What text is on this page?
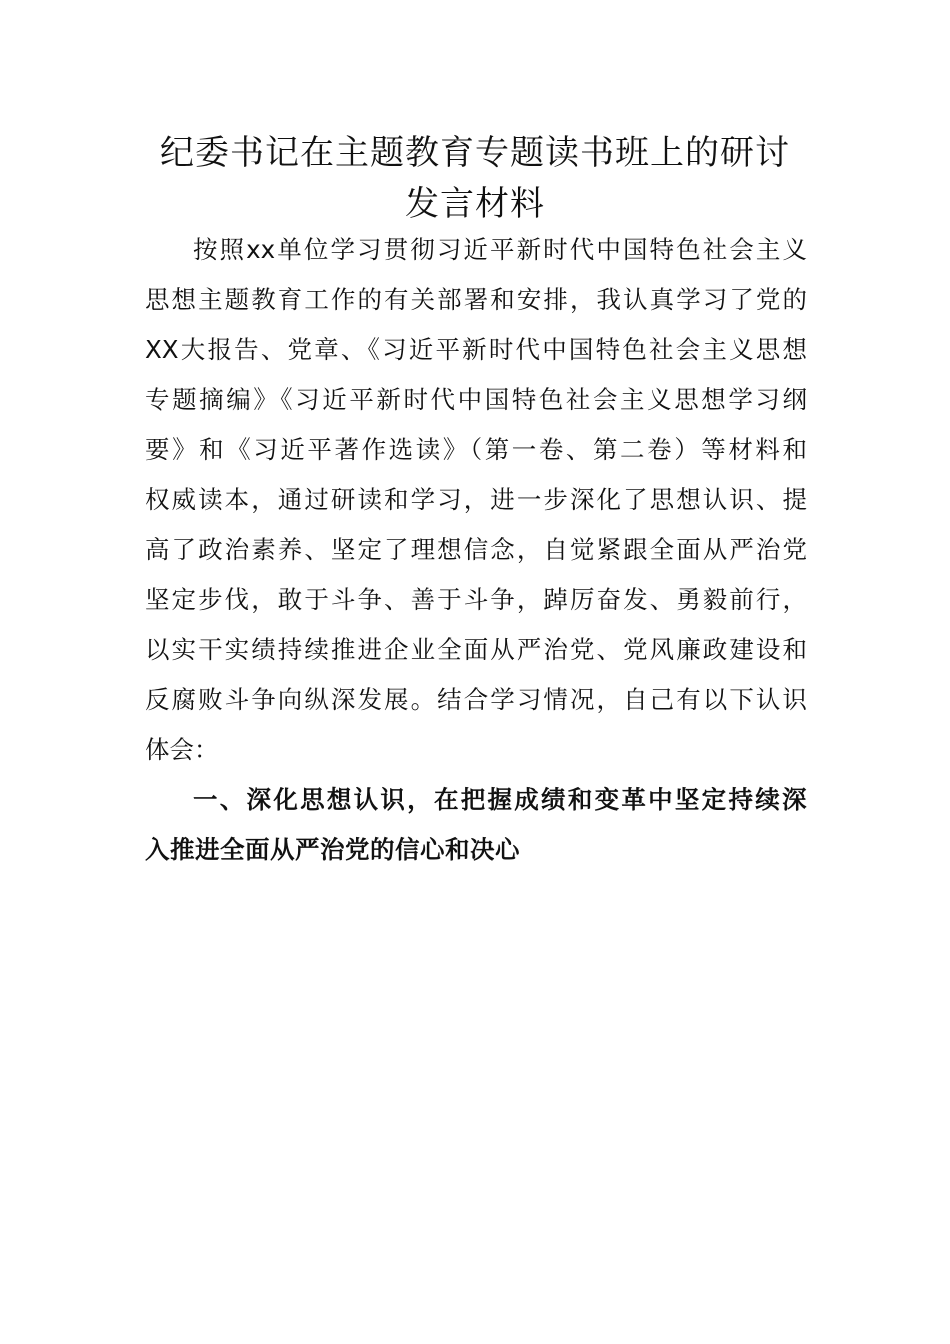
纪委书记在主题教育专题读书班上的研讨
发言材料
按照xx单位学习贯彻习近平新时代中国特色社会主义
思想主题教育工作的有关部署和安排，我认真学习了党的
XX大报告、党章、《习近平新时代中国特色社会主义思想
专题摘编》《习近平新时代中国特色社会主义思想学习纲
要》和《习近平著作选读》（第一卷、第二卷）等材料和
权威读本，通过研读和学习，进一步深化了思想认识、提
高了政治素养、坚定了理想信念，自觉紧跟全面从严治党
坚定步伐，敢于斗争、善于斗争，踔厉奋发、勇毅前行，
以实干实绩持续推进企业全面从严治党、党风廉政建设和
反腐败斗争向纵深发展。结合学习情况，自己有以下认识
体会：
一、深化思想认识，在把握成绩和变革中坚定持续深
入推进全面从严治党的信心和决心
